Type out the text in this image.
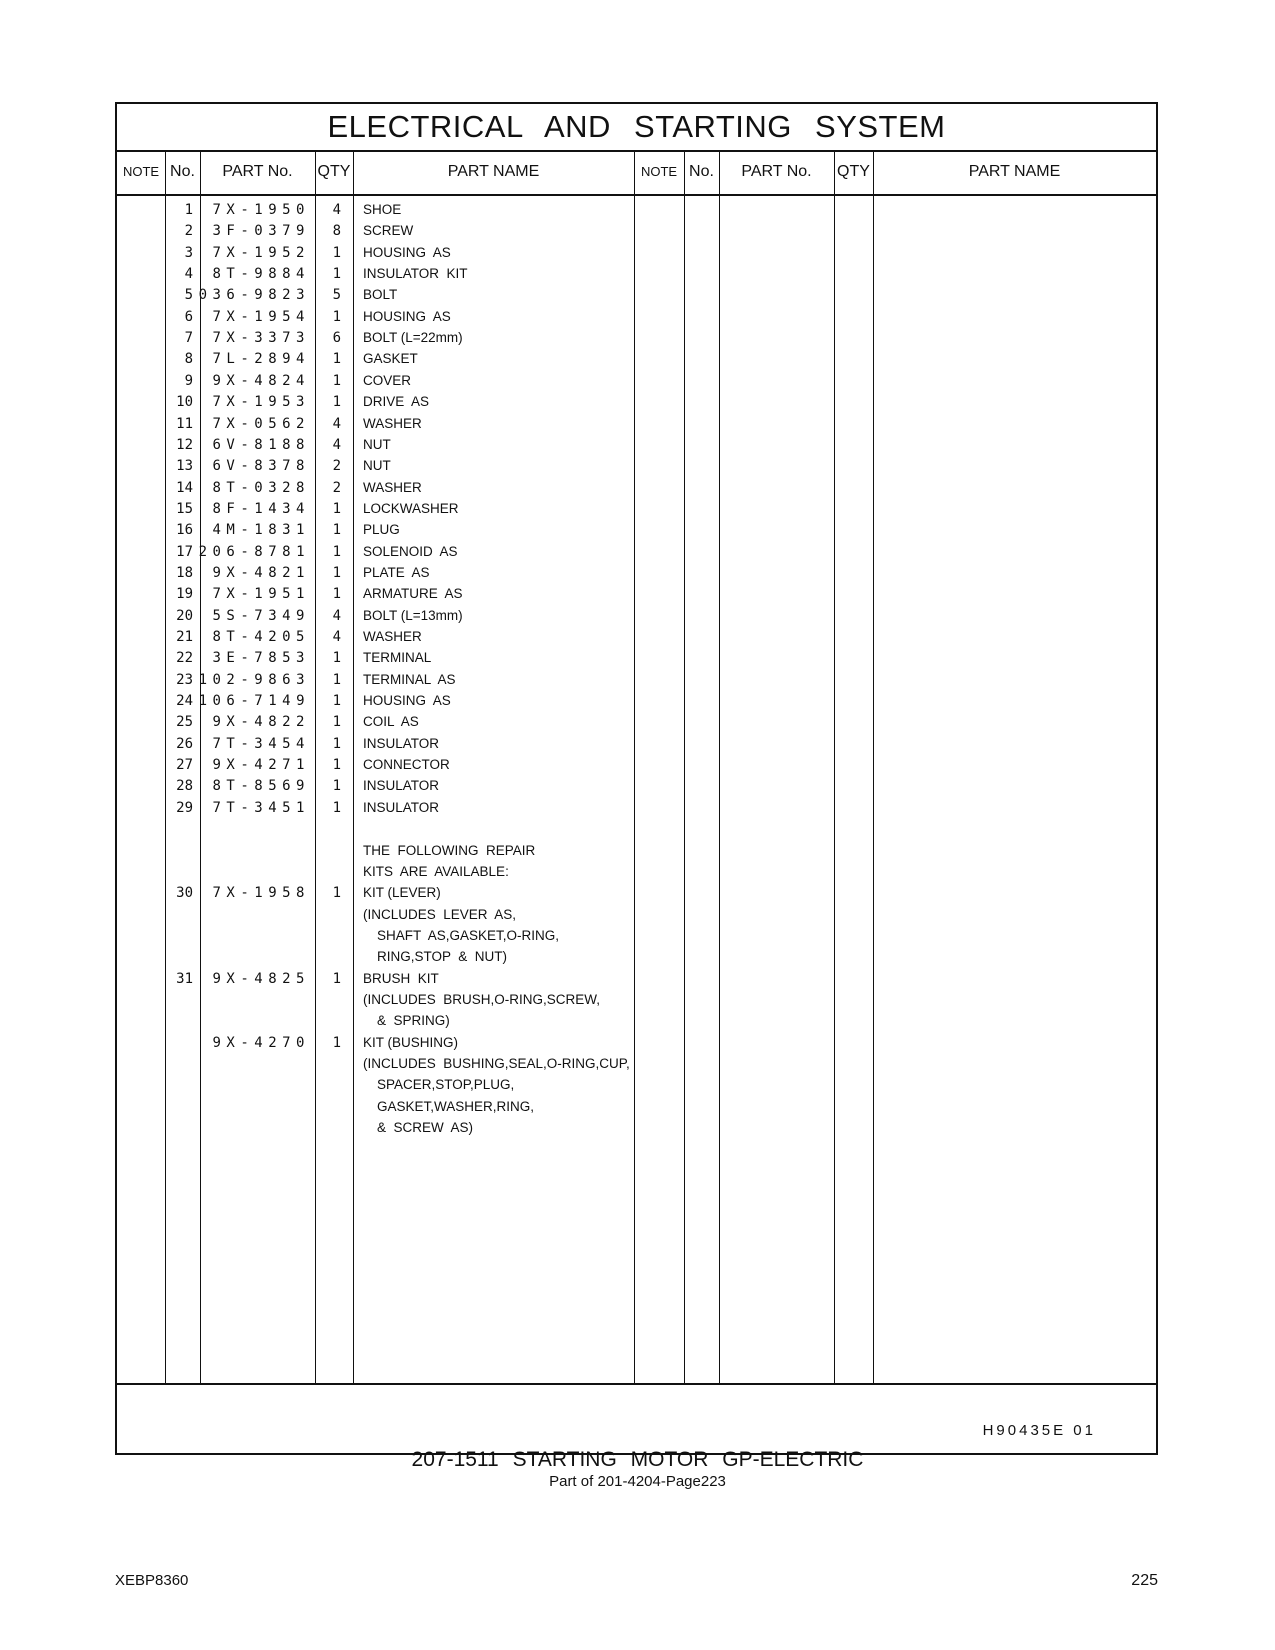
ELECTRICAL AND STARTING SYSTEM
NOTE No.	PART No.	QTY	PART NAME	NOTE No.	PART No.	QTY	PART NAME
1	7X-1950	4 SHOE
2	3F-0379	8 SCREW
3	7X-1952	1 HOUSING  AS
4	8T-9884	1 INSULATOR  KIT
5 036-9823	5 BOLT
6	7X-1954	1 HOUSING  AS
7	7X-3373	6 BOLT (L=22mm)
8	7L-2894	1 GASKET
9	9X-4824	1 COVER
10	7X-1953	1 DRIVE  AS
11	7X-0562	4 WASHER
12	6V-8188	4 NUT
13	6V-8378	2 NUT
14	8T-0328	2 WASHER
15	8F-1434	1 LOCKWASHER
16	4M-1831	1 PLUG
17 206-8781	1 SOLENOID  AS
18	9X-4821	1 PLATE  AS
19	7X-1951	1 ARMATURE  AS
20	5S-7349	4 BOLT (L=13mm)
21	8T-4205	4 WASHER
22	3E-7853	1 TERMINAL
23 102-9863	1 TERMINAL  AS
24 106-7149	1 HOUSING  AS
25	9X-4822	1 COIL  AS
26	7T-3454	1 INSULATOR
27	9X-4271	1 CONNECTOR
28	8T-8569	1 INSULATOR
29	7T-3451	1 INSULATOR
THE  FOLLOWING  REPAIR
KITS  ARE  AVAILABLE:
30	7X-1958	1 KIT (LEVER)
(INCLUDES  LEVER  AS,
SHAFT  AS,GASKET,O-RING,
RING,STOP  &  NUT)
31	9X-4825	1 BRUSH  KIT
(INCLUDES  BRUSH,O-RING,SCREW,
&  SPRING)
9X-4270	1 KIT (BUSHING)
(INCLUDES  BUSHING,SEAL,O-RING,CUP,
SPACER,STOP,PLUG,
GASKET,WASHER,RING,
&  SCREW  AS)
H90435E 01
207-1511 STARTING MOTOR GP-ELECTRIC
Part of 201-4204-Page223
XEBP8360	225
